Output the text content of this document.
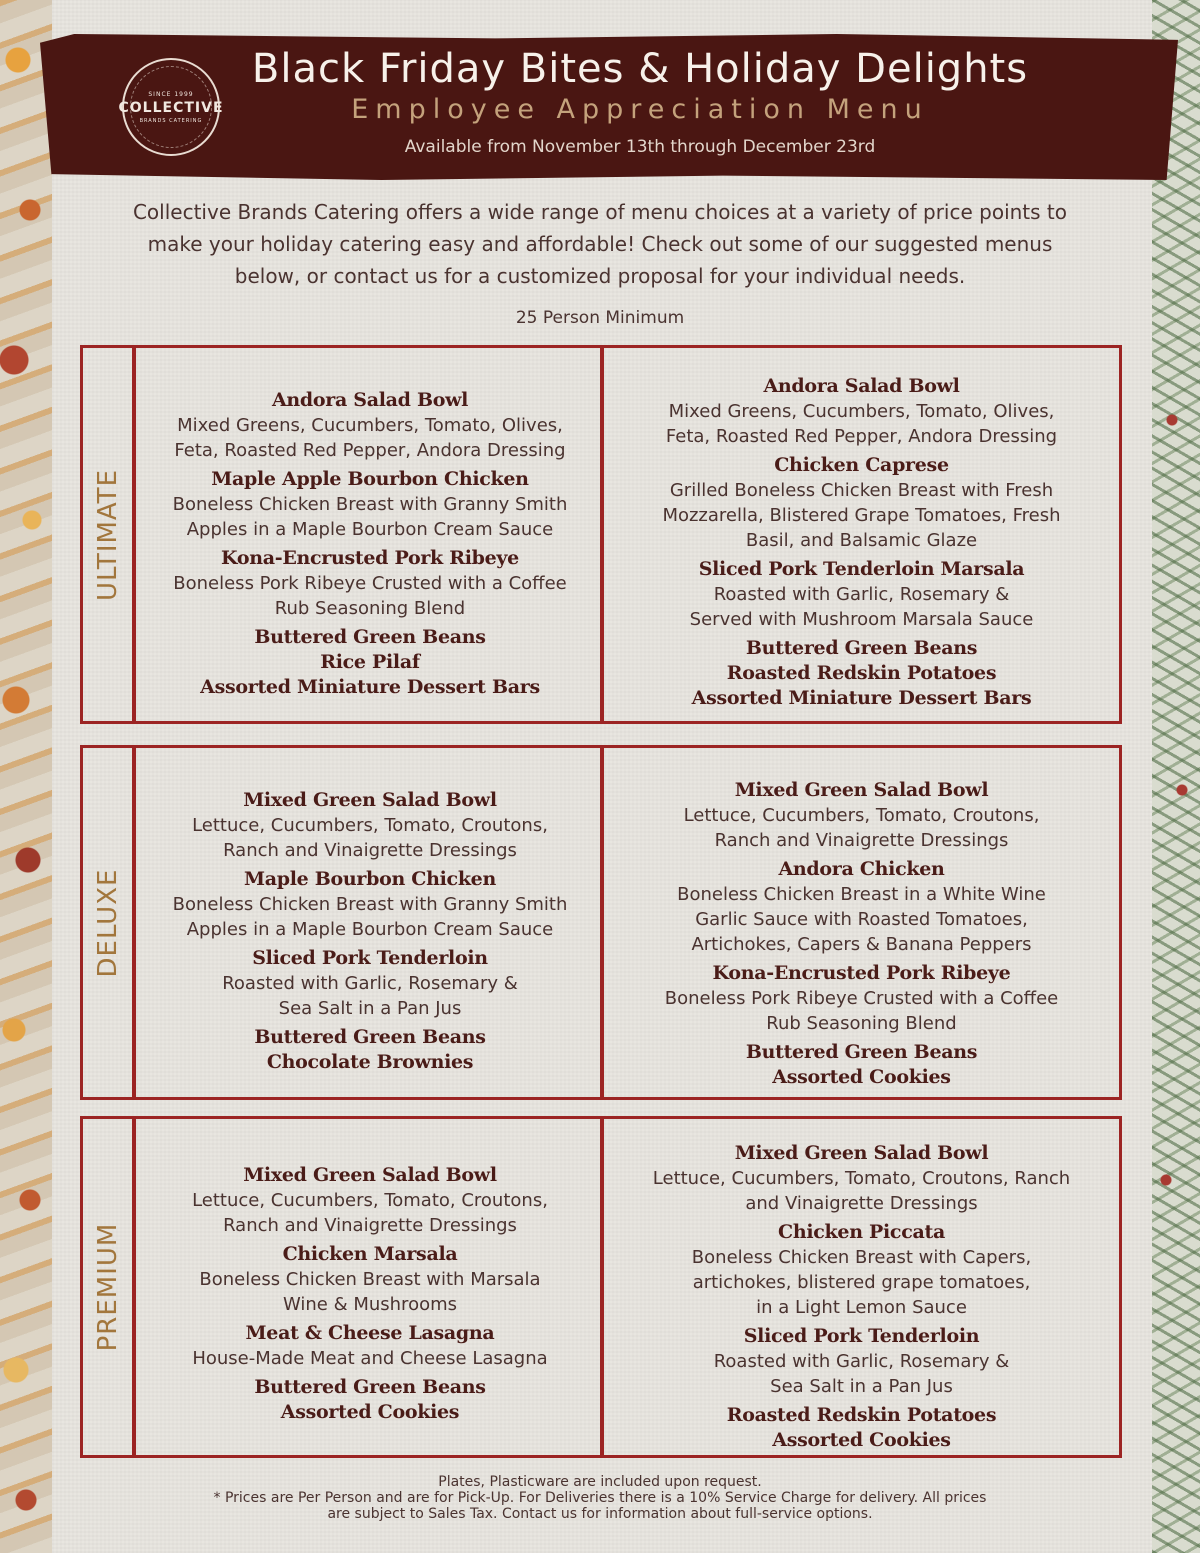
SINCE 1999
COLLECTIVE
BRANDS CATERING
Black Friday Bites & Holiday Delights
Employee Appreciation Menu
Available from November 13th through December 23rd
Collective Brands Catering offers a wide range of menu choices at a variety of price points to
make your holiday catering easy and affordable! Check out some of our suggested menus
below, or contact us for a customized proposal for your individual needs.
25 Person Minimum
ULTIMATE
Andora Salad Bowl
Mixed Greens, Cucumbers, Tomato, Olives,
Feta, Roasted Red Pepper, Andora Dressing
Maple Apple Bourbon Chicken
Boneless Chicken Breast with Granny Smith
Apples in a Maple Bourbon Cream Sauce
Kona-Encrusted Pork Ribeye
Boneless Pork Ribeye Crusted with a Coffee
Rub Seasoning Blend
Buttered Green Beans
Rice Pilaf
Assorted Miniature Dessert Bars
Andora Salad Bowl
Mixed Greens, Cucumbers, Tomato, Olives,
Feta, Roasted Red Pepper, Andora Dressing
Chicken Caprese
Grilled Boneless Chicken Breast with Fresh
Mozzarella, Blistered Grape Tomatoes, Fresh
Basil, and Balsamic Glaze
Sliced Pork Tenderloin Marsala
Roasted with Garlic, Rosemary &
Served with Mushroom Marsala Sauce
Buttered Green Beans
Roasted Redskin Potatoes
Assorted Miniature Dessert Bars
DELUXE
Mixed Green Salad Bowl
Lettuce, Cucumbers, Tomato, Croutons,
Ranch and Vinaigrette Dressings
Maple Bourbon Chicken
Boneless Chicken Breast with Granny Smith
Apples in a Maple Bourbon Cream Sauce
Sliced Pork Tenderloin
Roasted with Garlic, Rosemary &
Sea Salt in a Pan Jus
Buttered Green Beans
Chocolate Brownies
Mixed Green Salad Bowl
Lettuce, Cucumbers, Tomato, Croutons,
Ranch and Vinaigrette Dressings
Andora Chicken
Boneless Chicken Breast in a White Wine
Garlic Sauce with Roasted Tomatoes,
Artichokes, Capers & Banana Peppers
Kona-Encrusted Pork Ribeye
Boneless Pork Ribeye Crusted with a Coffee
Rub Seasoning Blend
Buttered Green Beans
Assorted Cookies
PREMIUM
Mixed Green Salad Bowl
Lettuce, Cucumbers, Tomato, Croutons,
Ranch and Vinaigrette Dressings
Chicken Marsala
Boneless Chicken Breast with Marsala
Wine & Mushrooms
Meat & Cheese Lasagna
House-Made Meat and Cheese Lasagna
Buttered Green Beans
Assorted Cookies
Mixed Green Salad Bowl
Lettuce, Cucumbers, Tomato, Croutons, Ranch
and Vinaigrette Dressings
Chicken Piccata
Boneless Chicken Breast with Capers,
artichokes, blistered grape tomatoes,
in a Light Lemon Sauce
Sliced Pork Tenderloin
Roasted with Garlic, Rosemary &
Sea Salt in a Pan Jus
Roasted Redskin Potatoes
Assorted Cookies
Plates, Plasticware are included upon request.
* Prices are Per Person and are for Pick-Up. For Deliveries there is a 10% Service Charge for delivery. All prices
are subject to Sales Tax. Contact us for information about full-service options.
